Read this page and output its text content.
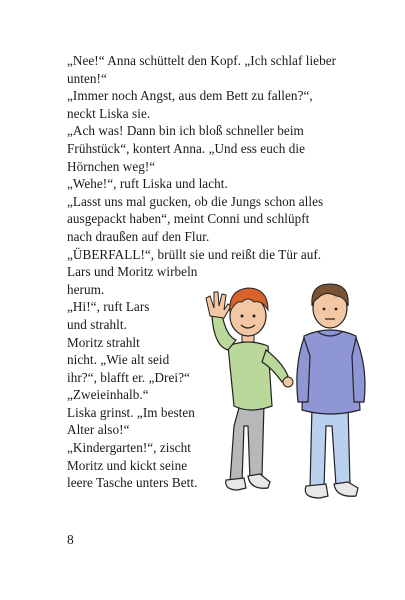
„Nee!“ Anna schüttelt den Kopf. „Ich schlaf lieber
unten!“

„Immer noch Angst, aus dem Bett zu fallen?“,
neckt Liska sie.

„Ach was! Dann bin ich bloß schneller beim
Frühstück“, kontert Anna. „Und ess euch die
Hörnchen weg!“

„Wehe!“, ruft Liska und lacht.

„Lasst uns mal gucken, ob die Jungs schon alles
ausgepackt haben“, meint Conni und schlüpft
nach draußen auf den Flur.

„ÜBERFALL!“, brüllt sie und reißt die Tür auf.
Lars und Moritz wirbeln
herum.

„Hi!“, ruft Lars
und strahlt.
Moritz strahlt
nicht. „Wie alt seid
ihr?“, blafft er. „Drei?“

„Zweieinhalb.“
Liska grinst. „Im besten
Alter also!“

„Kindergarten!“, zischt
Moritz und kickt seine
leere Tasche unters Bett.

8
